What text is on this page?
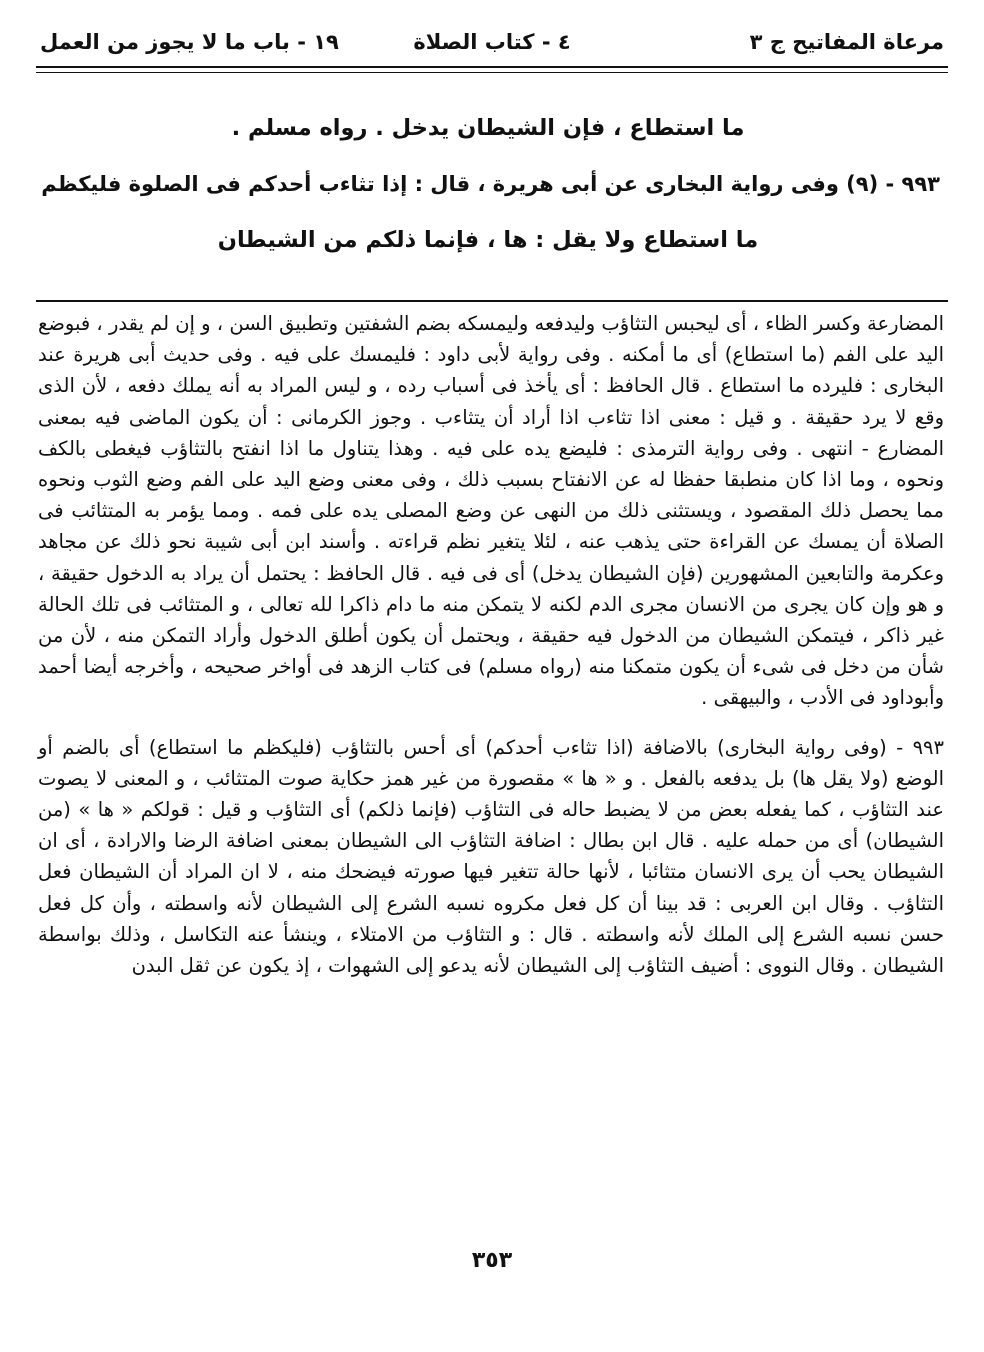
مرعاة المفاتيح ج ٣
٤ - كتاب الصلاة
١٩ - باب ما لا يجوز من العمل
ما استطاع ، فإن الشيطان يدخل . رواه مسلم .
٩٩٣ - (٩) وفى رواية البخارى عن أبى هريرة ، قال : إذا تثاءب أحدكم فى الصلوة فليكظم
ما استطاع ولا يقل : ها ، فإنما ذلكم من الشيطان

المضارعة وكسر الظاء ، أى ليحبس التثاؤب وليدفعه وليمسكه بضم الشفتين وتطبيق السن ، و إن لم يقدر ، فبوضع اليد على الفم (ما استطاع) أى ما أمكنه . وفى رواية لأبى داود : فليمسك على فيه . وفى حديث أبى هريرة عند البخارى : فليرده ما استطاع . قال الحافظ : أى يأخذ فى أسباب رده ، و ليس المراد به أنه يملك دفعه ، لأن الذى وقع لا يرد حقيقة . و قيل : معنى اذا تثاءب اذا أراد أن يتثاءب . وجوز الكرمانى : أن يكون الماضى فيه بمعنى المضارع - انتهى . وفى رواية الترمذى : فليضع يده على فيه . وهذا يتناول ما اذا انفتح بالتثاؤب فيغطى بالكف ونحوه ، وما اذا كان منطبقا حفظا له عن الانفتاح بسبب ذلك ، وفى معنى وضع اليد على الفم وضع الثوب ونحوه مما يحصل ذلك المقصود ، ويستثنى ذلك من النهى عن وضع المصلى يده على فمه . ومما يؤمر به المتثائب فى الصلاة أن يمسك عن القراءة حتى يذهب عنه ، لئلا يتغير نظم قراءته . وأسند ابن أبى شيبة نحو ذلك عن مجاهد وعكرمة والتابعين المشهورين (فإن الشيطان يدخل) أى فى فيه . قال الحافظ : يحتمل أن يراد به الدخول حقيقة ، و هو وإن كان يجرى من الانسان مجرى الدم لكنه لا يتمكن منه ما دام ذاكرا لله تعالى ، و المتثائب فى تلك الحالة غير ذاكر ، فيتمكن الشيطان من الدخول فيه حقيقة ، ويحتمل أن يكون أطلق الدخول وأراد التمكن منه ، لأن من شأن من دخل فى شىء أن يكون متمكنا منه (رواه مسلم) فى كتاب الزهد فى أواخر صحيحه ، وأخرجه أيضا أحمد وأبوداود فى الأدب ، والبيهقى .

٩٩٣ - (وفى رواية البخارى) بالاضافة (اذا تثاءب أحدكم) أى أحس بالتثاؤب (فليكظم ما استطاع) أى بالضم أو الوضع (ولا يقل ها) بل يدفعه بالفعل . و « ها » مقصورة من غير همز حكاية صوت المتثائب ، و المعنى لا يصوت عند التثاؤب ، كما يفعله بعض من لا يضبط حاله فى التثاؤب (فإنما ذلكم) أى التثاؤب و قيل : قولكم « ها » (من الشيطان) أى من حمله عليه . قال ابن بطال : اضافة التثاؤب الى الشيطان بمعنى اضافة الرضا والارادة ، أى ان الشيطان يحب أن يرى الانسان متثائبا ، لأنها حالة تتغير فيها صورته فيضحك منه ، لا ان المراد أن الشيطان فعل التثاؤب . وقال ابن العربى : قد بينا أن كل فعل مكروه نسبه الشرع إلى الشيطان لأنه واسطته ، وأن كل فعل حسن نسبه الشرع إلى الملك لأنه واسطته . قال : و التثاؤب من الامتلاء ، وينشأ عنه التكاسل ، وذلك بواسطة الشيطان . وقال النووى : أضيف التثاؤب إلى الشيطان لأنه يدعو إلى الشهوات ، إذ يكون عن ثقل البدن

٣٥٣
